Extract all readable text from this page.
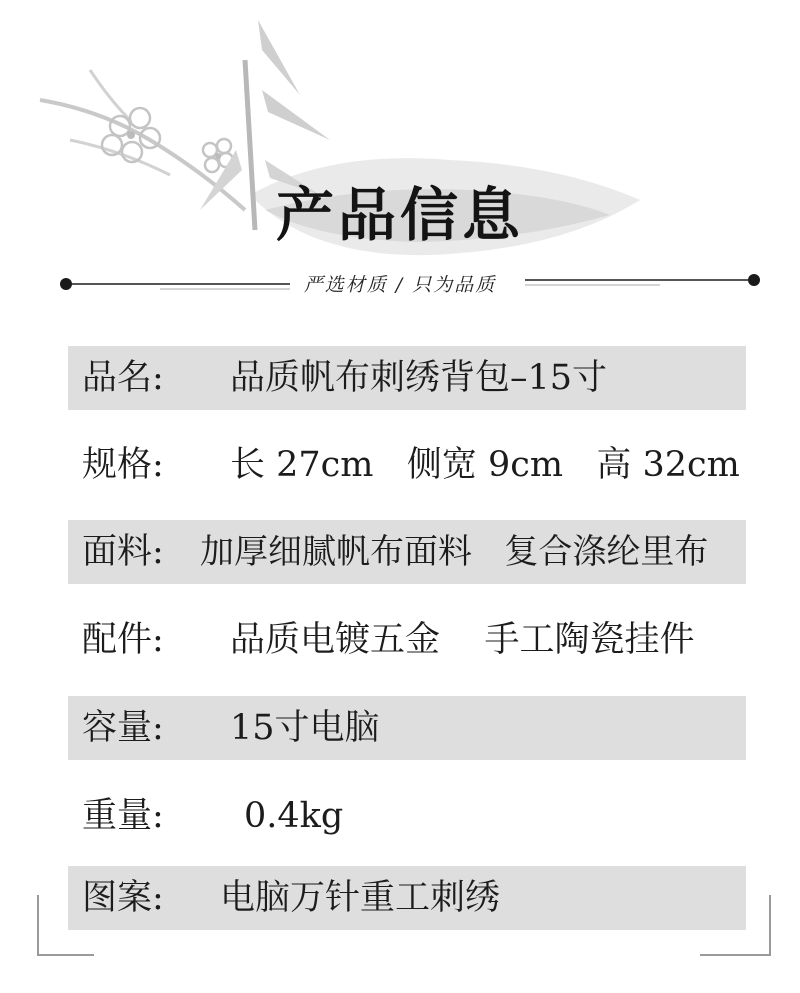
产品信息
严选材质 / 只为品质
品名: 品质帆布刺绣背包–15寸
规格: 长 27cm   侧宽 9cm   高 32cm
面料: 加厚细腻帆布面料   复合涤纶里布
配件: 品质电镀五金    手工陶瓷挂件
容量: 15寸电脑
重量: 0.4kg
图案: 电脑万针重工刺绣
